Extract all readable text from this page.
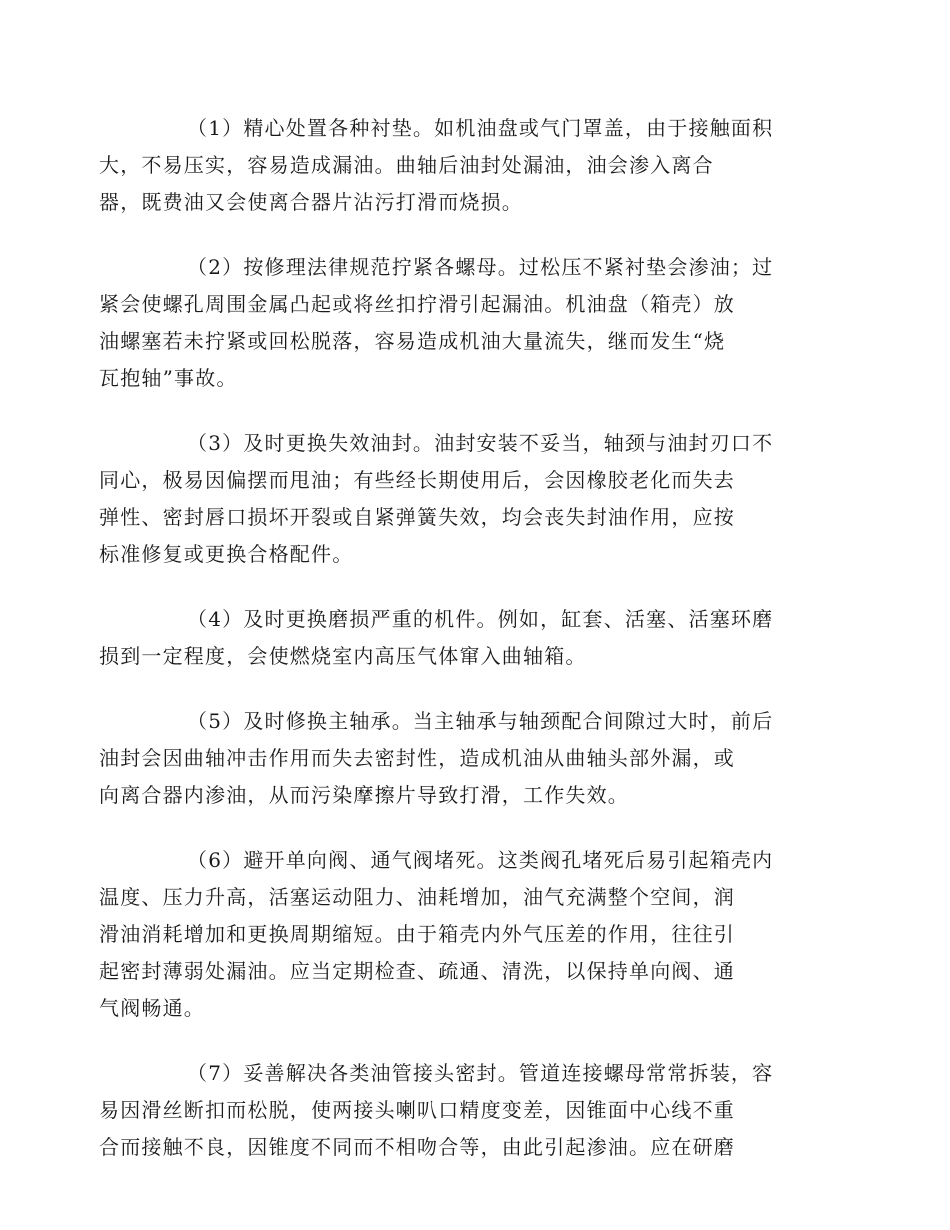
（1）精心处置各种衬垫。如机油盘或气门罩盖，由于接触面积
大，不易压实，容易造成漏油。曲轴后油封处漏油，油会渗入离合
器，既费油又会使离合器片沾污打滑而烧损。

（2）按修理法律规范拧紧各螺母。过松压不紧衬垫会渗油；过
紧会使螺孔周围金属凸起或将丝扣拧滑引起漏油。机油盘（箱壳）放
油螺塞若未拧紧或回松脱落，容易造成机油大量流失，继而发生“烧
瓦抱轴”事故。

（3）及时更换失效油封。油封安装不妥当，轴颈与油封刃口不
同心，极易因偏摆而甩油；有些经长期使用后，会因橡胶老化而失去
弹性、密封唇口损坏开裂或自紧弹簧失效，均会丧失封油作用，应按
标准修复或更换合格配件。

（4）及时更换磨损严重的机件。例如，缸套、活塞、活塞环磨
损到一定程度，会使燃烧室内高压气体窜入曲轴箱。

（5）及时修换主轴承。当主轴承与轴颈配合间隙过大时，前后
油封会因曲轴冲击作用而失去密封性，造成机油从曲轴头部外漏，或
向离合器内渗油，从而污染摩擦片导致打滑，工作失效。

（6）避开单向阀、通气阀堵死。这类阀孔堵死后易引起箱壳内
温度、压力升高，活塞运动阻力、油耗增加，油气充满整个空间，润
滑油消耗增加和更换周期缩短。由于箱壳内外气压差的作用，往往引
起密封薄弱处漏油。应当定期检查、疏通、清洗，以保持单向阀、通
气阀畅通。

（7）妥善解决各类油管接头密封。管道连接螺母常常拆装，容
易因滑丝断扣而松脱，使两接头喇叭口精度变差，因锥面中心线不重
合而接触不良，因锥度不同而不相吻合等，由此引起渗油。应在研磨
